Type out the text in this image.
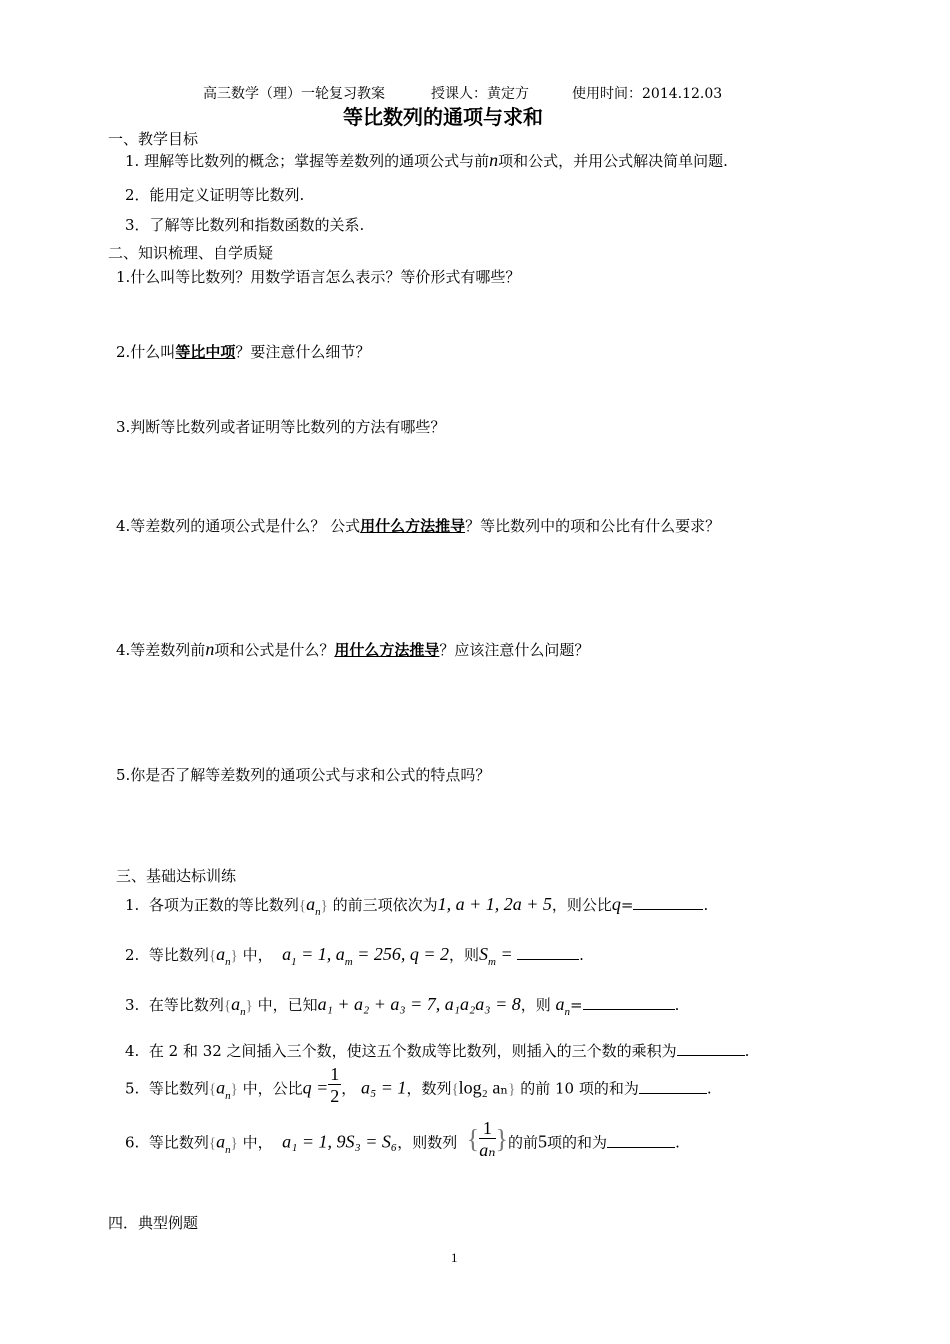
高三数学（理）一轮复习教案	授课人：黄定方	使用时间：2014.12.03
等比数列的通项与求和
一、教学目标
1. 理解等比数列的概念；掌握等差数列的通项公式与前n项和公式，并用公式解决简单问题.
2．能用定义证明等比数列.
3．了解等比数列和指数函数的关系.
二、知识梳理、自学质疑
1.什么叫等比数列？用数学语言怎么表示？等价形式有哪些？
2.什么叫等比中项？要注意什么细节？
3.判断等比数列或者证明等比数列的方法有哪些？
4.等差数列的通项公式是什么？ 公式用什么方法推导？等比数列中的项和公比有什么要求？
4.等差数列前n项和公式是什么？用什么方法推导？应该注意什么问题？
5.你是否了解等差数列的通项公式与求和公式的特点吗？
三、基础达标训练
1. 各项为正数的等比数列$\{a_n\}$ 的前三项依次为1, a + 1, 2a + 5，则公比q=	.
2. 等比数列$\{a_n\}$ 中， $a_1 = 1$, $a_m = 256$, q = 2，则$S_m$ =	.
3. 在等比数列$\{a_n\}$ 中，已知a₁ + a₂ + a₃ = 7, a₁a₂a₃ = 8，则 $a_n=$	.
4. 在 2 和 32 之间插入三个数，使这五个数成等比数列，则插入的三个数的乘积为	.
5. 等比数列$\{a_n\}$ 中，公比$q = \frac{1}{2}$ ， a₅ = 1，数列{log₂ aₙ} 的前 10 项的和为	.
6. 等比数列$\{a_n\}$ 中， a₁ = 1, 9S₃ = S₆，则数列 { $\frac{1}{\text{aₙ}}$ }的前5项的和为	.
四．典型例题
1
